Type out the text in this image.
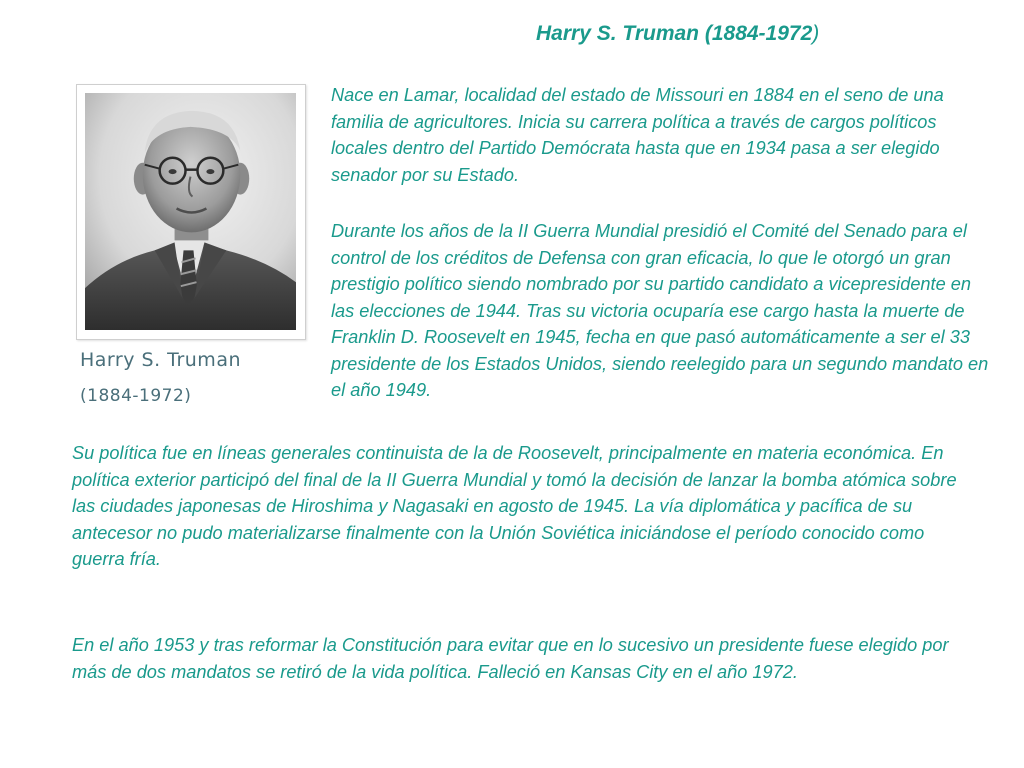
Harry S. Truman (1884-1972)
Harry S. Truman
(1884-1972)

Nace en Lamar, localidad del estado de Missouri en 1884 en el seno de una familia de agricultores. Inicia su carrera política a través de cargos políticos locales dentro del Partido Demócrata hasta que en 1934 pasa a ser elegido senador por su Estado.

Durante los años de la II Guerra Mundial presidió el Comité del Senado para el control de los créditos de Defensa con gran eficacia, lo que le otorgó un gran prestigio político siendo nombrado por su partido candidato a vicepresidente en las elecciones de 1944. Tras su victoria ocuparía ese cargo hasta la muerte de Franklin D. Roosevelt en 1945, fecha en que pasó automáticamente a ser el 33 presidente de los Estados Unidos, siendo reelegido para un segundo mandato en el año 1949.

Su política fue en líneas generales continuista de la de Roosevelt, principalmente en materia económica. En política exterior participó del final de la II Guerra Mundial y tomó la decisión de lanzar la bomba atómica sobre las ciudades japonesas de Hiroshima y Nagasaki en agosto de 1945. La vía diplomática y pacífica de su antecesor no pudo materializarse finalmente con la Unión Soviética iniciándose el período conocido como guerra fría.

En el año 1953 y tras reformar la Constitución para evitar que en lo sucesivo un presidente fuese elegido por más de dos mandatos se retiró de la vida política. Falleció en Kansas City en el año 1972.
